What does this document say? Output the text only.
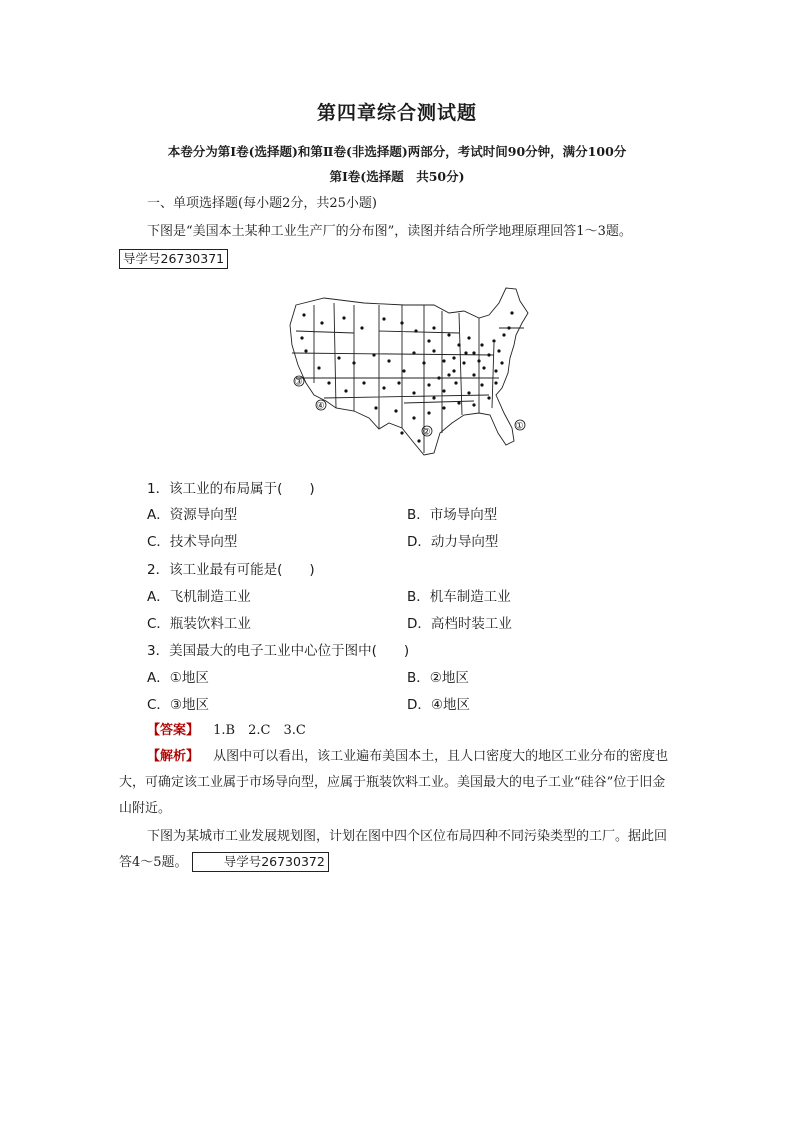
第四章综合测试题
本卷分为第Ⅰ卷(选择题)和第Ⅱ卷(非选择题)两部分，考试时间90分钟，满分100分
第Ⅰ卷(选择题　共50分)
一、单项选择题(每小题2分，共25小题)
下图是“美国本土某种工业生产厂的分布图”，读图并结合所学地理原理回答1～3题。
导学号26730371
①
②
③
④
1．该工业的布局属于(　　)
A．资源导向型	B．市场导向型
C．技术导向型	D．动力导向型
2．该工业最有可能是(　　)
A．飞机制造工业	B．机车制造工业
C．瓶装饮料工业	D．高档时装工业
3．美国最大的电子工业中心位于图中(　　)
A．①地区	B．②地区
C．③地区	D．④地区
【答案】 1.B　2.C　3.C
【解析】 从图中可以看出，该工业遍布美国本土，且人口密度大的地区工业分布的密度也大，可确定该工业属于市场导向型，应属于瓶装饮料工业。美国最大的电子工业“硅谷”位于旧金山附近。
下图为某城市工业发展规划图，计划在图中四个区位布局四种不同污染类型的工厂。据此回答4～5题。	导学号26730372
